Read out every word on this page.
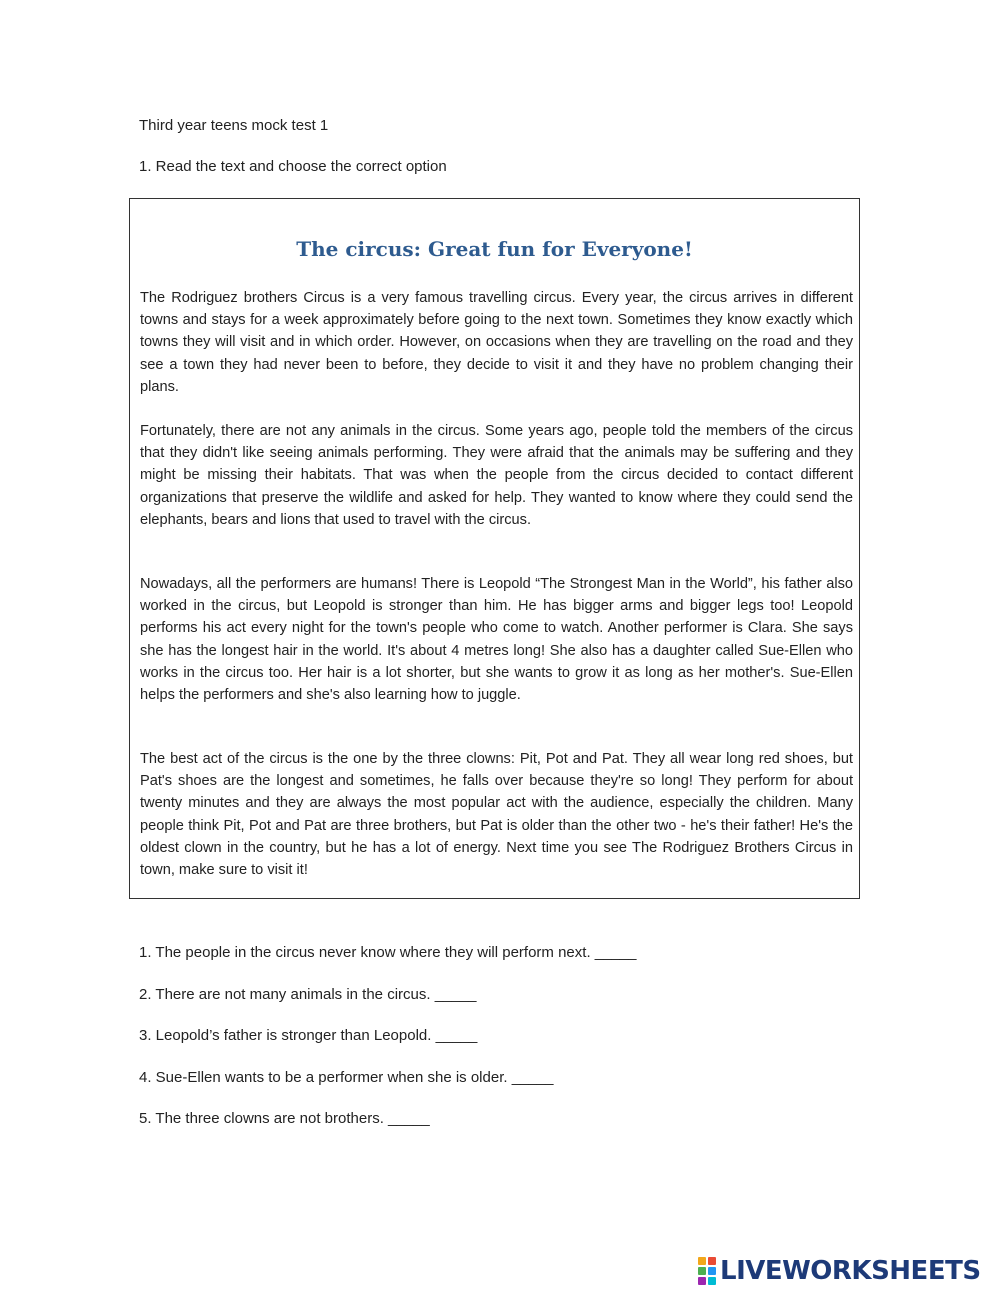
Third year teens mock test 1
1. Read the text and choose the correct option
The circus: Great fun for Everyone!

The Rodriguez brothers Circus is a very famous travelling circus. Every year, the circus arrives in different towns and stays for a week approximately before going to the next town. Sometimes they know exactly which towns they will visit and in which order. However, on occasions when they are travelling on the road and they see a town they had never been to before, they decide to visit it and they have no problem changing their plans.

Fortunately, there are not any animals in the circus. Some years ago, people told the members of the circus that they didn't like seeing animals performing. They were afraid that the animals may be suffering and they might be missing their habitats. That was when the people from the circus decided to contact different organizations that preserve the wildlife and asked for help. They wanted to know where they could send the elephants, bears and lions that used to travel with the circus.

Nowadays, all the performers are humans! There is Leopold “The Strongest Man in the World”, his father also worked in the circus, but Leopold is stronger than him. He has bigger arms and bigger legs too! Leopold performs his act every night for the town's people who come to watch. Another performer is Clara. She says she has the longest hair in the world. It's about 4 metres long! She also has a daughter called Sue-Ellen who works in the circus too. Her hair is a lot shorter, but she wants to grow it as long as her mother's. Sue-Ellen helps the performers and she's also learning how to juggle.

The best act of the circus is the one by the three clowns: Pit, Pot and Pat. They all wear long red shoes, but Pat's shoes are the longest and sometimes, he falls over because they're so long! They perform for about twenty minutes and they are always the most popular act with the audience, especially the children. Many people think Pit, Pot and Pat are three brothers, but Pat is older than the other two - he's their father! He's the oldest clown in the country, but he has a lot of energy. Next time you see The Rodriguez Brothers Circus in town, make sure to visit it!

1. The people in the circus never know where they will perform next. _____
2. There are not many animals in the circus. _____
3. Leopold’s father is stronger than Leopold. _____
4. Sue-Ellen wants to be a performer when she is older. _____
5. The three clowns are not brothers. _____
LIVEWORKSHEETS
